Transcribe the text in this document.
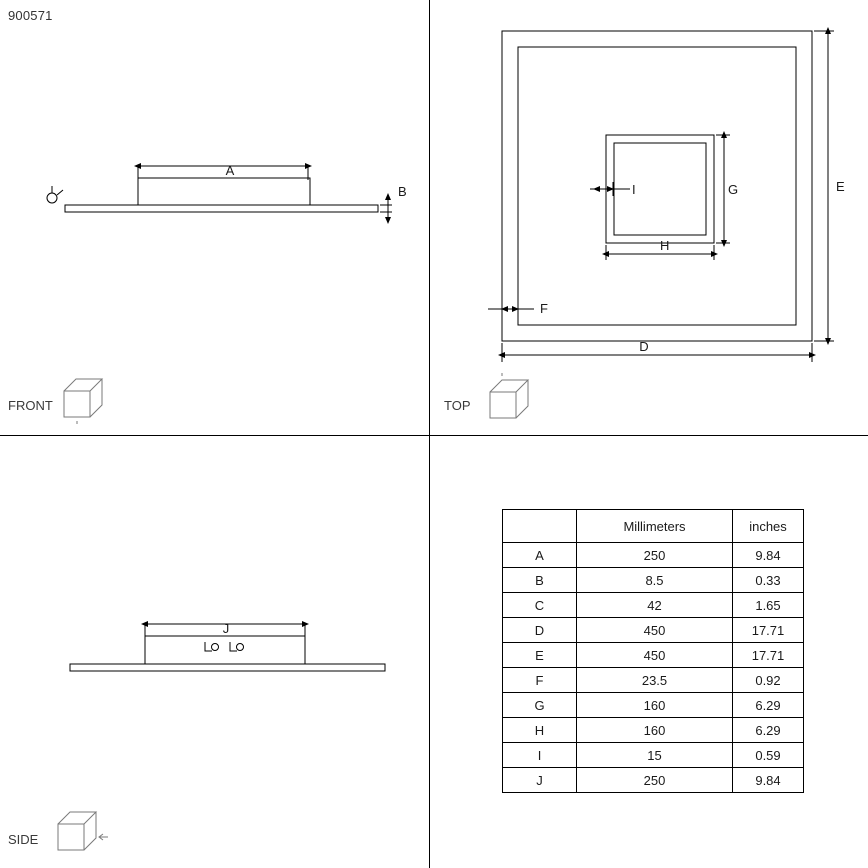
900571
A
B
FRONT
D
E
F
G
H
I
TOP
J
SIDE
	Millimeters	inches
A	250	9.84
B	8.5	0.33
C	42	1.65
D	450	17.71
E	450	17.71
F	23.5	0.92
G	160	6.29
H	160	6.29
I	15	0.59
J	250	9.84
